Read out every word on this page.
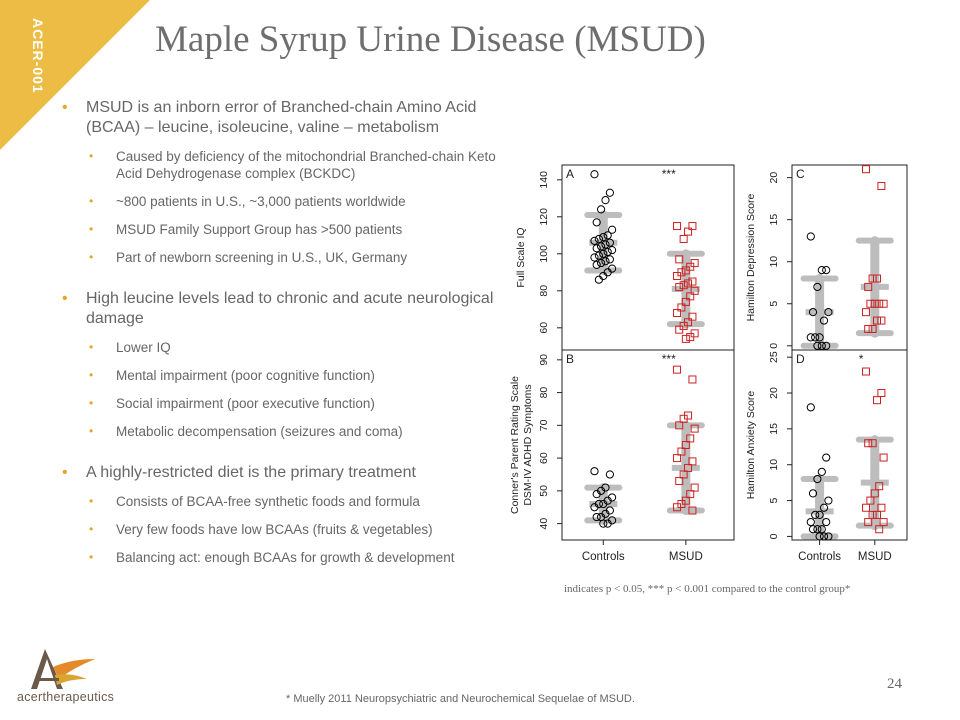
ACER-001	Maple Syrup Urine Disease (MSUD)
• MSUD is an inborn error of Branched-chain Amino Acid (BCAA) – leucine, isoleucine, valine – metabolism
• Caused by deficiency of the mitochondrial Branched-chain Keto Acid Dehydrogenase complex (BCKDC)
• ~800 patients in U.S., ~3,000 patients worldwide
• MSUD Family Support Group has >500 patients
• Part of newborn screening in U.S., UK, Germany
• High leucine levels lead to chronic and acute neurological damage
• Lower IQ
• Mental impairment (poor cognitive function)
• Social impairment (poor executive function)
• Metabolic decompensation (seizures and coma)
• A highly-restricted diet is the primary treatment
• Consists of BCAA-free synthetic foods and formula
• Very few foods have low BCAAs (fruits & vegetables)
• Balancing act: enough BCAAs for growth & development
A	***
60
80
100
120
140
Full Scale IQ
C
0
5
10
15
20
Hamilton Depression Score
B	***
40
50
60
70
80
90
Conner's Parent Rating Scale DSM-IV ADHD Symptoms
Controls	MSUD
D	*
0
5
10
15
20
25
Hamilton Anxiety Score
Controls MSUD
indicates p < 0.05, *** p < 0.001 compared to the control group*
acertherapeutics	* Muelly 2011 Neuropsychiatric and Neurochemical Sequelae of MSUD.
24
